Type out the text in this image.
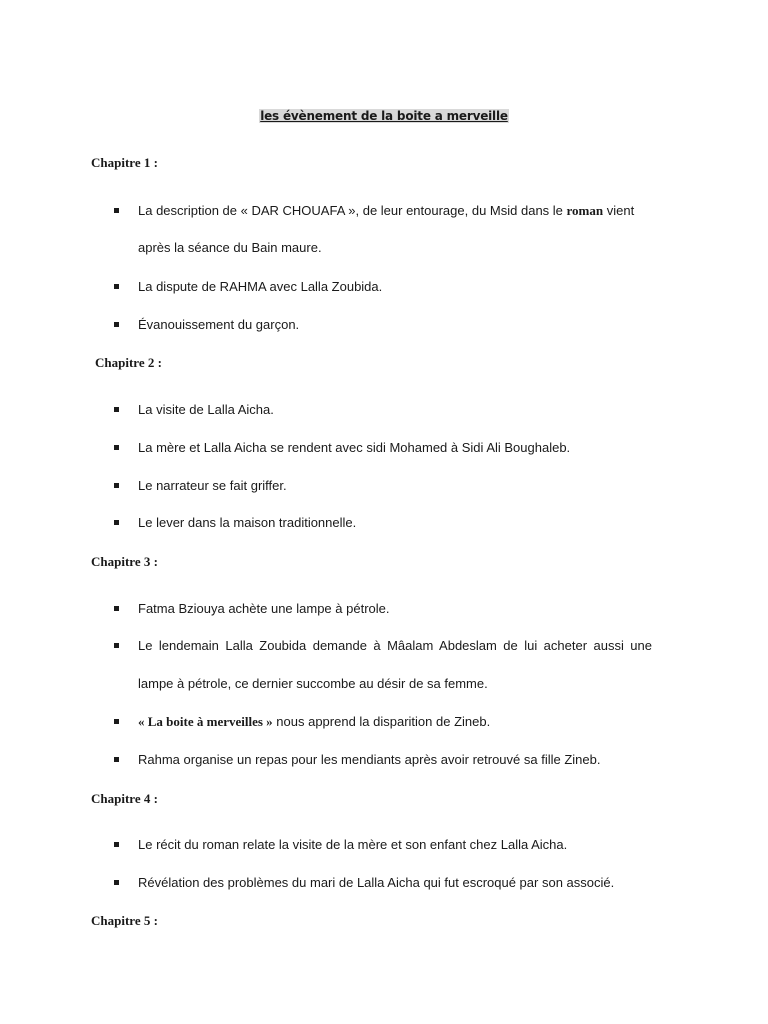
les évènement de la boite a merveille
Chapitre 1 :
La description de « DAR CHOUAFA », de leur entourage, du Msid dans le roman vient
après la séance du Bain maure.
La dispute de RAHMA avec Lalla Zoubida.
Évanouissement du garçon.
Chapitre 2 :
La visite de Lalla Aicha.
La mère et Lalla Aicha se rendent avec sidi Mohamed à Sidi Ali Boughaleb.
Le narrateur se fait griffer.
Le lever dans la maison traditionnelle.
Chapitre 3 :
Fatma Bziouya achète une lampe à pétrole.
Le lendemain Lalla Zoubida demande à Mâalam Abdeslam de lui acheter aussi une
lampe à pétrole, ce dernier succombe au désir de sa femme.
« La boite à merveilles » nous apprend la disparition de Zineb.
Rahma organise un repas pour les mendiants après avoir retrouvé sa fille Zineb.
Chapitre 4 :
Le récit du roman relate la visite de la mère et son enfant chez Lalla Aicha.
Révélation des problèmes du mari de Lalla Aicha qui fut escroqué par son associé.
Chapitre 5 :
